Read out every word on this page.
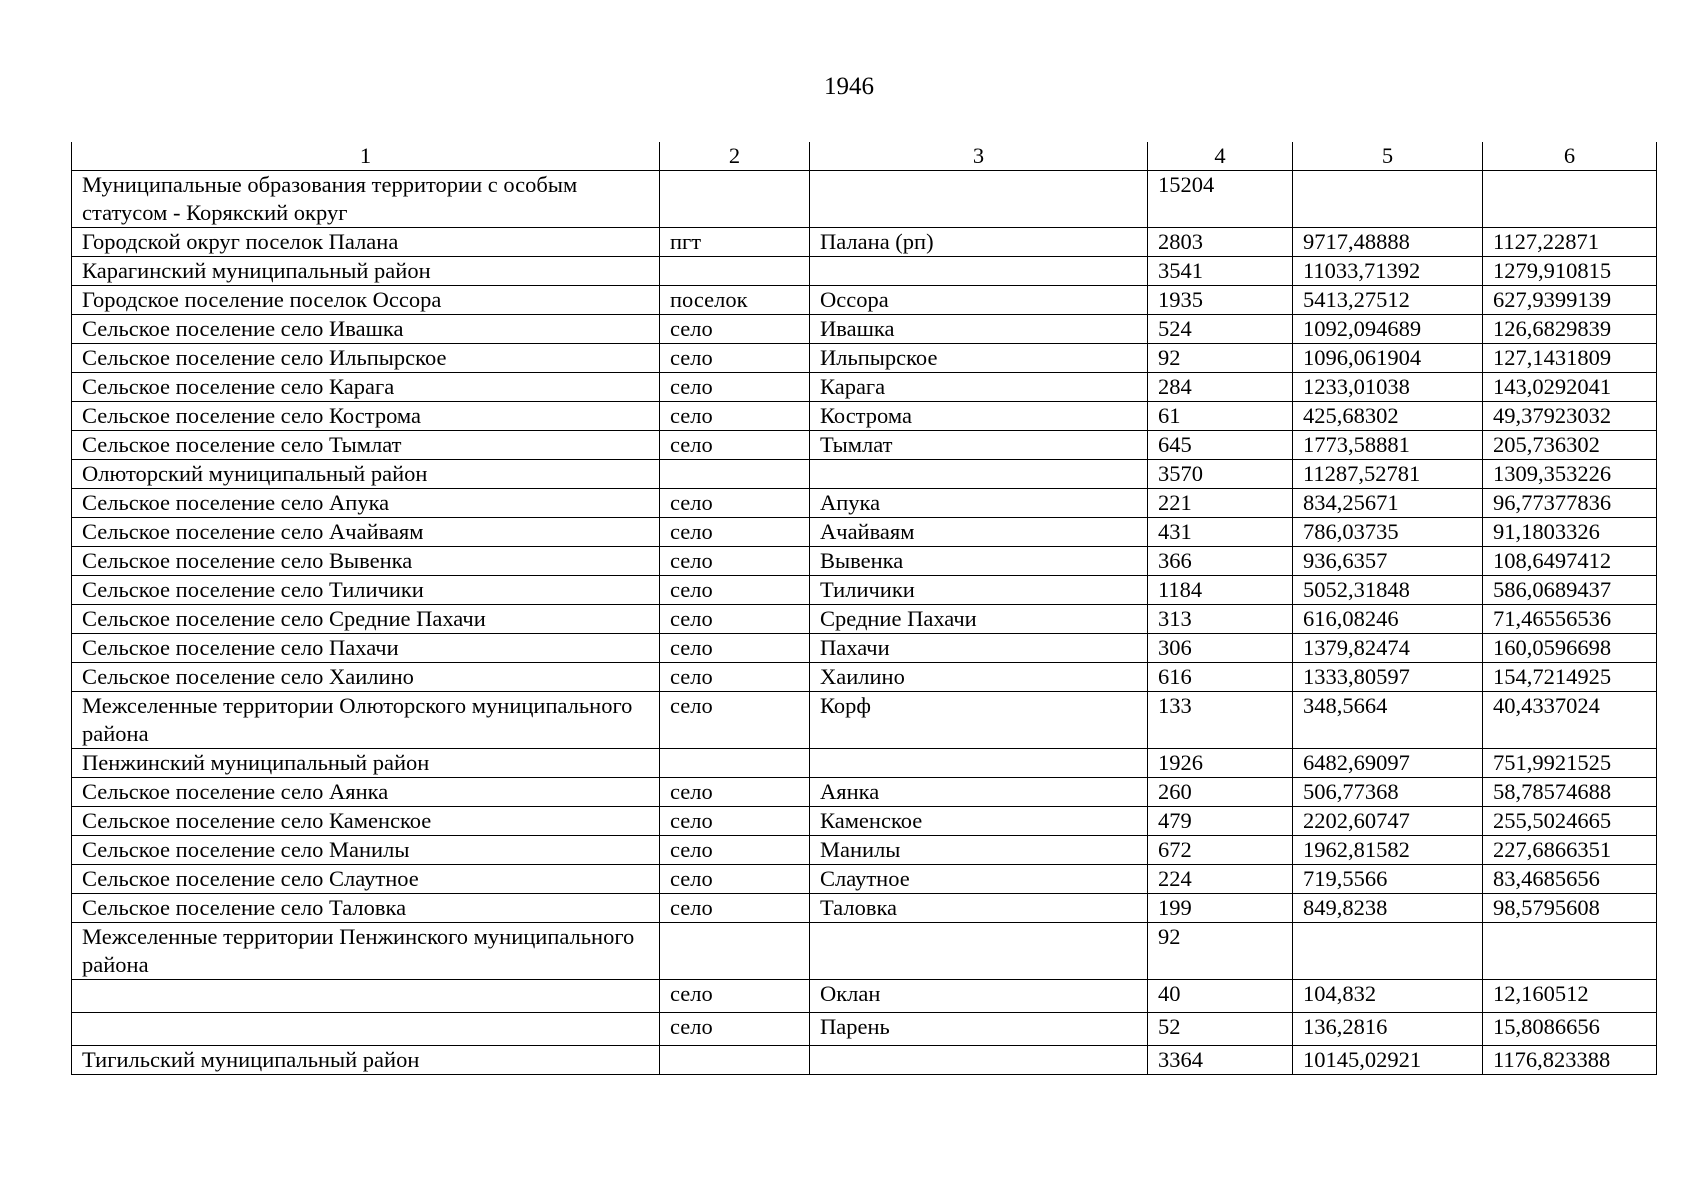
1946
1	2	3	4	5	6
Муниципальные образования территории с особым статусом - Корякский округ			15204		
Городской округ поселок Палана	пгт	Палана (рп)	2803	9717,48888	1127,22871
Карагинский муниципальный район			3541	11033,71392	1279,910815
Городское поселение поселок Оссора	поселок	Оссора	1935	5413,27512	627,9399139
Сельское поселение село Ивашка	село	Ивашка	524	1092,094689	126,6829839
Сельское поселение село Ильпырское	село	Ильпырское	92	1096,061904	127,1431809
Сельское поселение село Карага	село	Карага	284	1233,01038	143,0292041
Сельское поселение село Кострома	село	Кострома	61	425,68302	49,37923032
Сельское поселение село Тымлат	село	Тымлат	645	1773,58881	205,736302
Олюторский муниципальный район			3570	11287,52781	1309,353226
Сельское поселение село Апука	село	Апука	221	834,25671	96,77377836
Сельское поселение село Ачайваям	село	Ачайваям	431	786,03735	91,1803326
Сельское поселение село Вывенка	село	Вывенка	366	936,6357	108,6497412
Сельское поселение село Тиличики	село	Тиличики	1184	5052,31848	586,0689437
Сельское поселение село Средние Пахачи	село	Средние Пахачи	313	616,08246	71,46556536
Сельское поселение село Пахачи	село	Пахачи	306	1379,82474	160,0596698
Сельское поселение село Хаилино	село	Хаилино	616	1333,80597	154,7214925
Межселенные территории Олюторского муниципального района	село	Корф	133	348,5664	40,4337024
Пенжинский муниципальный район			1926	6482,69097	751,9921525
Сельское поселение село Аянка	село	Аянка	260	506,77368	58,78574688
Сельское поселение село Каменское	село	Каменское	479	2202,60747	255,5024665
Сельское поселение село Манилы	село	Манилы	672	1962,81582	227,6866351
Сельское поселение село Слаутное	село	Слаутное	224	719,5566	83,4685656
Сельское поселение село Таловка	село	Таловка	199	849,8238	98,5795608
Межселенные территории Пенжинского муниципального района			92		
	село	Оклан	40	104,832	12,160512
	село	Парень	52	136,2816	15,8086656
Тигильский муниципальный район			3364	10145,02921	1176,823388
